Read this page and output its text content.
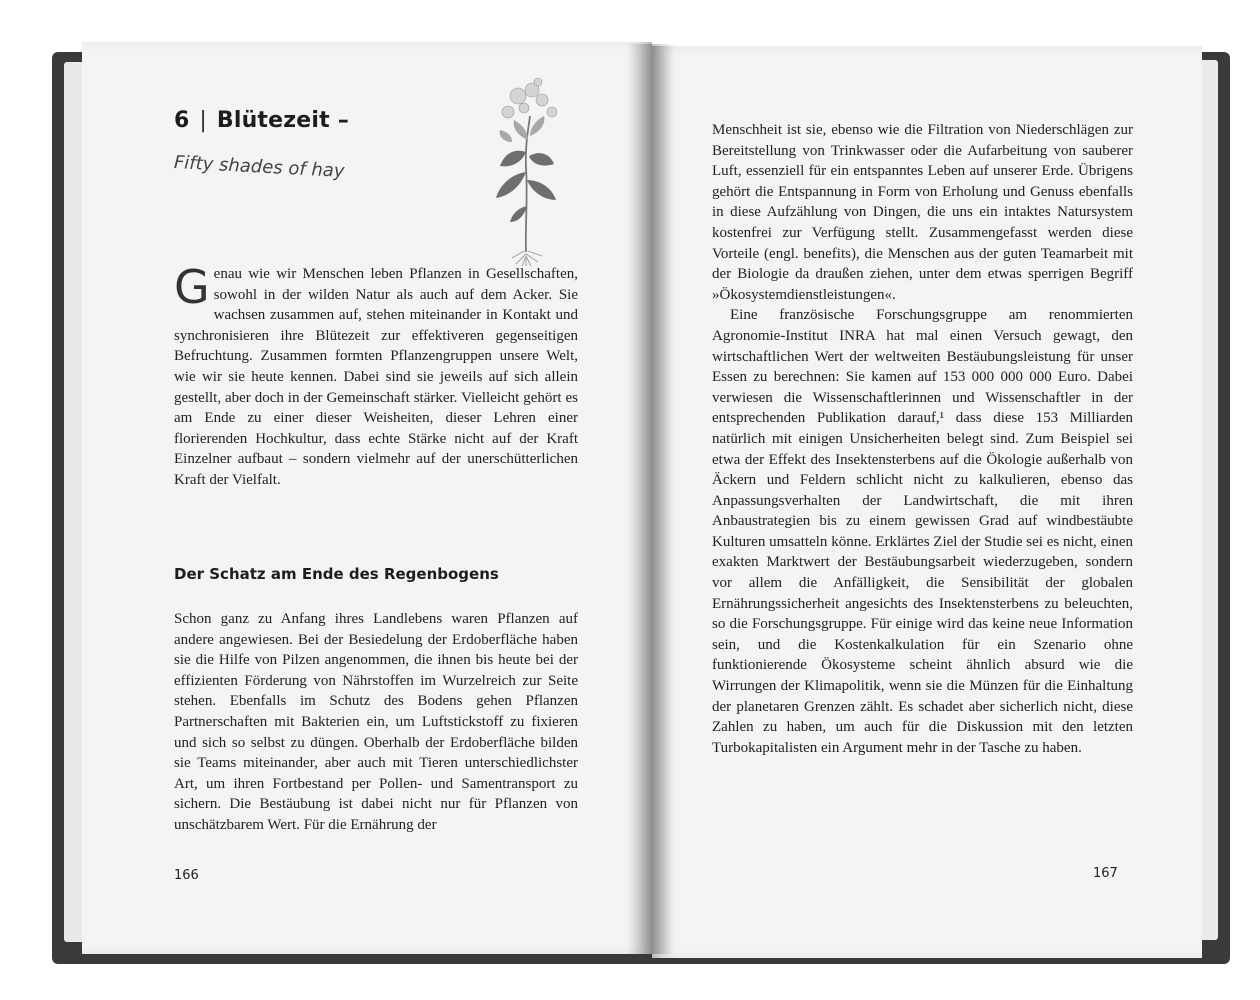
6 | Blütezeit –

Fifty shades of hay

Genau wie wir Menschen leben Pflanzen in Gesellschaften, sowohl in der wilden Natur als auch auf dem Acker. Sie wachsen zusammen auf, stehen miteinander in Kontakt und synchronisieren ihre Blütezeit zur effektiveren gegenseitigen Befruchtung. Zusammen formten Pflanzengruppen unsere Welt, wie wir sie heute kennen. Dabei sind sie jeweils auf sich allein gestellt, aber doch in der Gemeinschaft stärker. Vielleicht gehört es am Ende zu einer dieser Weisheiten, dieser Lehren einer florierenden Hochkultur, dass echte Stärke nicht auf der Kraft Einzelner aufbaut – sondern vielmehr auf der unerschütterlichen Kraft der Vielfalt.

Der Schatz am Ende des Regenbogens

Schon ganz zu Anfang ihres Landlebens waren Pflanzen auf andere angewiesen. Bei der Besiedelung der Erdoberfläche haben sie die Hilfe von Pilzen angenommen, die ihnen bis heute bei der effizienten Förderung von Nährstoffen im Wurzelreich zur Seite stehen. Ebenfalls im Schutz des Bodens gehen Pflanzen Partnerschaften mit Bakterien ein, um Luftstickstoff zu fixieren und sich so selbst zu düngen. Oberhalb der Erdoberfläche bilden sie Teams miteinander, aber auch mit Tieren unterschiedlichster Art, um ihren Fortbestand per Pollen- und Samentransport zu sichern. Die Bestäubung ist dabei nicht nur für Pflanzen von unschätzbarem Wert. Für die Ernährung der

166

Menschheit ist sie, ebenso wie die Filtration von Niederschlägen zur Bereitstellung von Trinkwasser oder die Aufarbeitung von sauberer Luft, essenziell für ein entspanntes Leben auf unserer Erde. Übrigens gehört die Entspannung in Form von Erholung und Genuss ebenfalls in diese Aufzählung von Dingen, die uns ein intaktes Natursystem kostenfrei zur Verfügung stellt. Zusammengefasst werden diese Vorteile (engl. benefits), die Menschen aus der guten Teamarbeit mit der Biologie da draußen ziehen, unter dem etwas sperrigen Begriff »Ökosystemdienstleistungen«.
Eine französische Forschungsgruppe am renommierten Agronomie-Institut INRA hat mal einen Versuch gewagt, den wirtschaftlichen Wert der weltweiten Bestäubungsleistung für unser Essen zu berechnen: Sie kamen auf 153 000 000 000 Euro. Dabei verwiesen die Wissenschaftlerinnen und Wissenschaftler in der entsprechenden Publikation darauf,¹ dass diese 153 Milliarden natürlich mit einigen Unsicherheiten belegt sind. Zum Beispiel sei etwa der Effekt des Insektensterbens auf die Ökologie außerhalb von Äckern und Feldern schlicht nicht zu kalkulieren, ebenso das Anpassungsverhalten der Landwirtschaft, die mit ihren Anbaustrategien bis zu einem gewissen Grad auf windbestäubte Kulturen umsatteln könne. Erklärtes Ziel der Studie sei es nicht, einen exakten Marktwert der Bestäubungsarbeit wiederzugeben, sondern vor allem die Anfälligkeit, die Sensibilität der globalen Ernährungssicherheit angesichts des Insektensterbens zu beleuchten, so die Forschungsgruppe. Für einige wird das keine neue Information sein, und die Kostenkalkulation für ein Szenario ohne funktionierende Ökosysteme scheint ähnlich absurd wie die Wirrungen der Klimapolitik, wenn sie die Münzen für die Einhaltung der planetaren Grenzen zählt. Es schadet aber sicherlich nicht, diese Zahlen zu haben, um auch für die Diskussion mit den letzten Turbokapitalisten ein Argument mehr in der Tasche zu haben.

167
